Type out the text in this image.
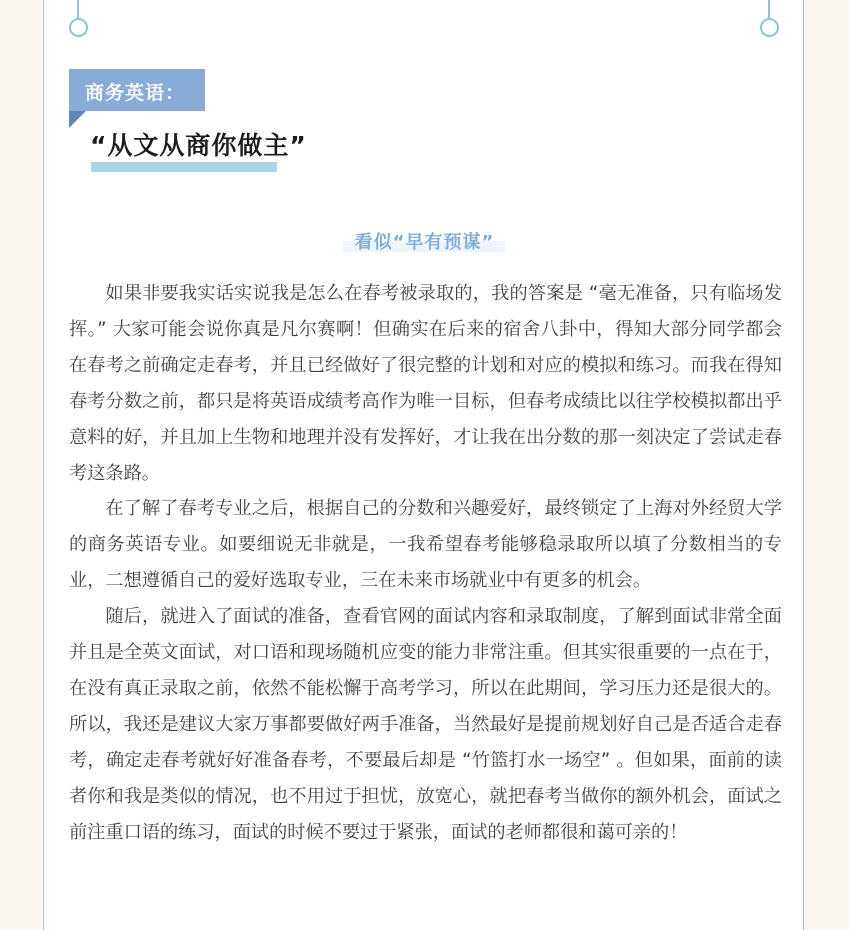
商务英语：
“从文从商你做主”
看似“早有预谋”

如果非要我实话实说我是怎么在春考被录取的，我的答案是 “毫无准备，只有临场发挥。” 大家可能会说你真是凡尔赛啊！但确实在后来的宿舍八卦中，得知大部分同学都会在春考之前确定走春考，并且已经做好了很完整的计划和对应的模拟和练习。而我在得知春考分数之前，都只是将英语成绩考高作为唯一目标，但春考成绩比以往学校模拟都出乎意料的好，并且加上生物和地理并没有发挥好，才让我在出分数的那一刻决定了尝试走春考这条路。

在了解了春考专业之后，根据自己的分数和兴趣爱好，最终锁定了上海对外经贸大学的商务英语专业。如要细说无非就是，一我希望春考能够稳录取所以填了分数相当的专业，二想遵循自己的爱好选取专业，三在未来市场就业中有更多的机会。

随后，就进入了面试的准备，查看官网的面试内容和录取制度，了解到面试非常全面并且是全英文面试，对口语和现场随机应变的能力非常注重。但其实很重要的一点在于，在没有真正录取之前，依然不能松懈于高考学习，所以在此期间，学习压力还是很大的。所以，我还是建议大家万事都要做好两手准备，当然最好是提前规划好自己是否适合走春考，确定走春考就好好准备春考，不要最后却是 “竹篮打水一场空” 。但如果，面前的读者你和我是类似的情况，也不用过于担忧，放宽心，就把春考当做你的额外机会，面试之前注重口语的练习，面试的时候不要过于紧张，面试的老师都很和蔼可亲的！
